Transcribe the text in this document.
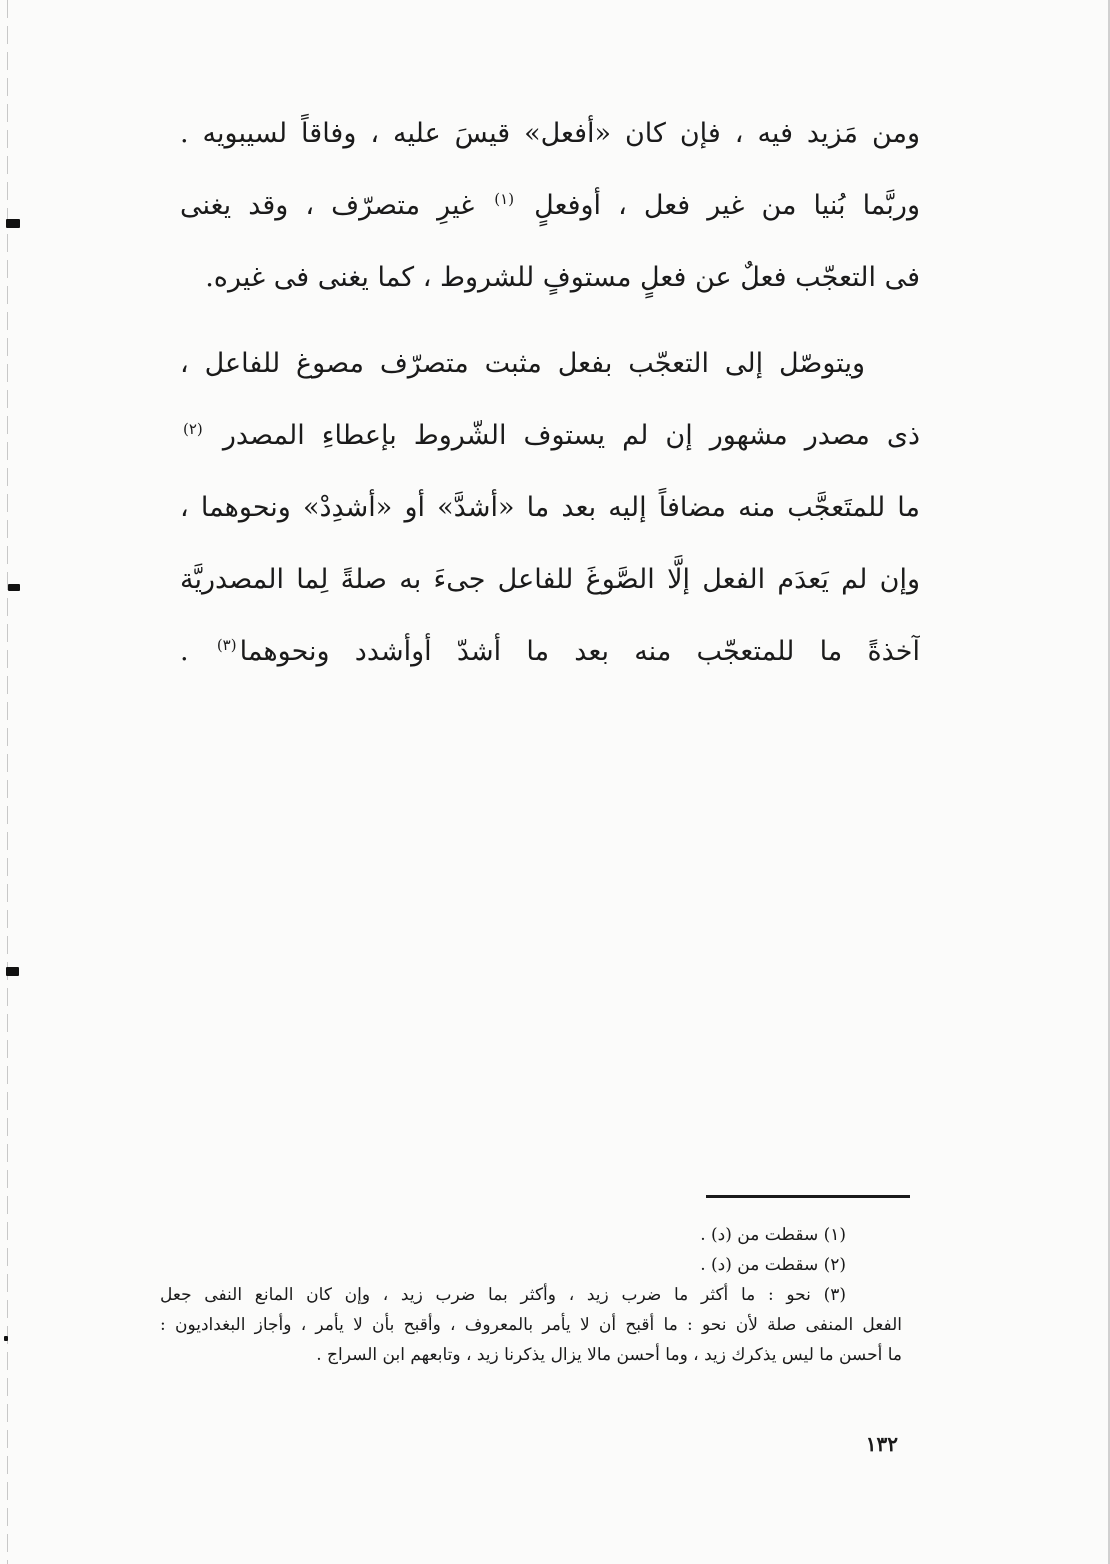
ومن مَزيد فيه ، فإن كان «أفعل» قيسَ عليه ، وفاقاً لسيبويه .
وربَّما بُنيا من غير فعل ، أوفعلٍ $^{(١)}$ غيرِ متصرّف ، وقد يغنى
فى التعجّب فعلٌ عن فعلٍ مستوفٍ للشروط ، كما يغنى فى غيره.
ويتوصّل إلى التعجّب بفعل مثبت متصرّف مصوغ للفاعل ،
ذى مصدر مشهور إن لم يستوف الشّروط بإعطاءِ المصدر $^{(٢)}$
ما للمتَعجَّب منه مضافاً إليه بعد ما «أشدَّ» أو «أشدِدْ» ونحوهما ،
وإن لم يَعدَم الفعل إلَّا الصَّوغَ للفاعل جىءَ به صلةً لِما المصدريَّة
آخذةً ما للمتعجّب منه بعد ما أشدّ أوأشدد ونحوهما$^{(٣)}$ .
(١) سقطت من (د) .
(٢) سقطت من (د) .
(٣) نحو : ما أكثر ما ضرب زيد ، وأكثر بما ضرب زيد ، وإن كان المانع النفى جعل
الفعل المنفى صلة لأن نحو : ما أقبح أن لا يأمر بالمعروف ، وأقبح بأن لا يأمر ، وأجاز البغداديون :
ما أحسن ما ليس يذكرك زيد ، وما أحسن مالا يزال يذكرنا زيد ، وتابعهم ابن السراج .
١٣٢
